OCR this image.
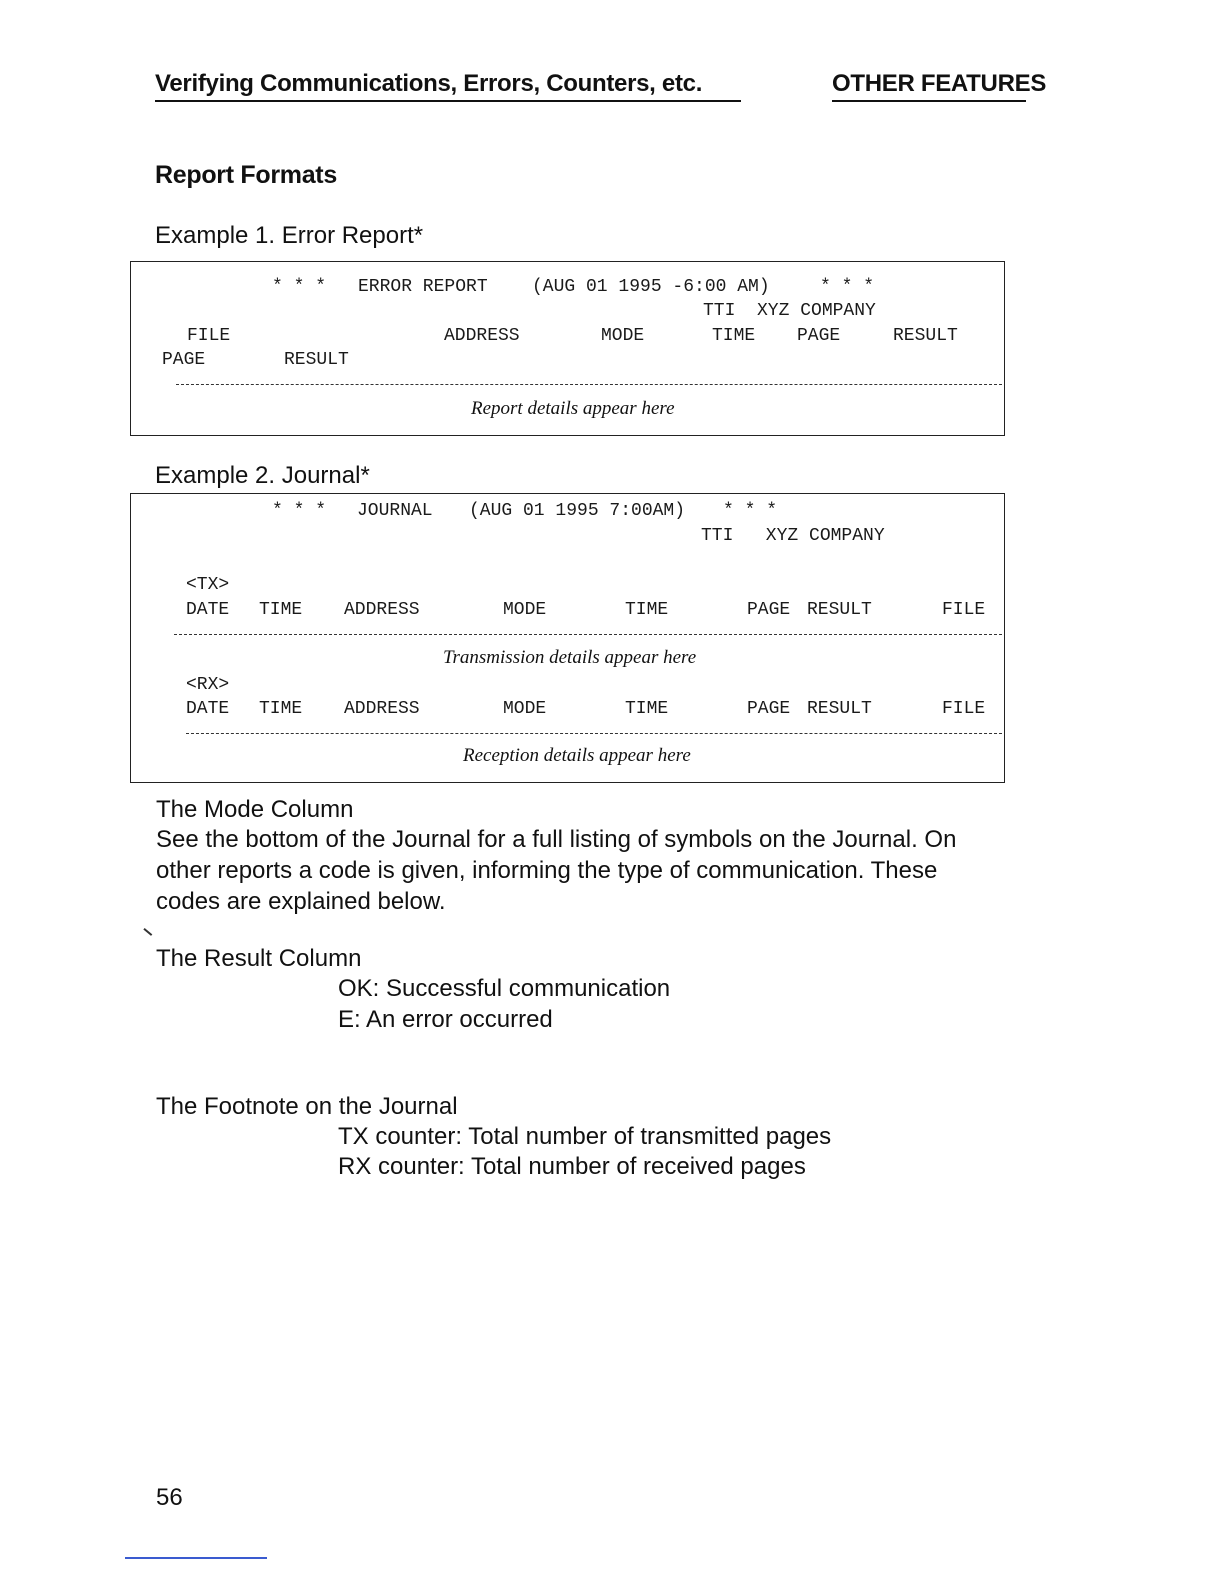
Verifying Communications, Errors, Counters, etc.	OTHER FEATURES
Report Formats
Example 1. Error Report*
* * * ERROR REPORT (AUG 01 1995 -6:00 AM)	* * *
TTI  XYZ COMPANY
FILE	ADDRESS	MODE	TIME PAGE	RESULT
PAGE	RESULT
Report details appear here
Example 2. Journal*
* * * JOURNAL (AUG 01 1995 7:00AM) * * *
TTI   XYZ COMPANY
<TX>
DATE TIME ADDRESS	MODE	TIME	PAGE RESULT	FILE
Transmission details appear here
<RX>
DATE TIME ADDRESS	MODE	TIME	PAGE RESULT	FILE
Reception details appear here
The Mode Column
See the bottom of the Journal for a full listing of symbols on the Journal. On
other reports a code is given, informing the type of communication. These
codes are explained below.
The Result Column
OK: Successful communication
E: An error occurred
The Footnote on the Journal
TX counter: Total number of transmitted pages
RX counter: Total number of received pages
56
